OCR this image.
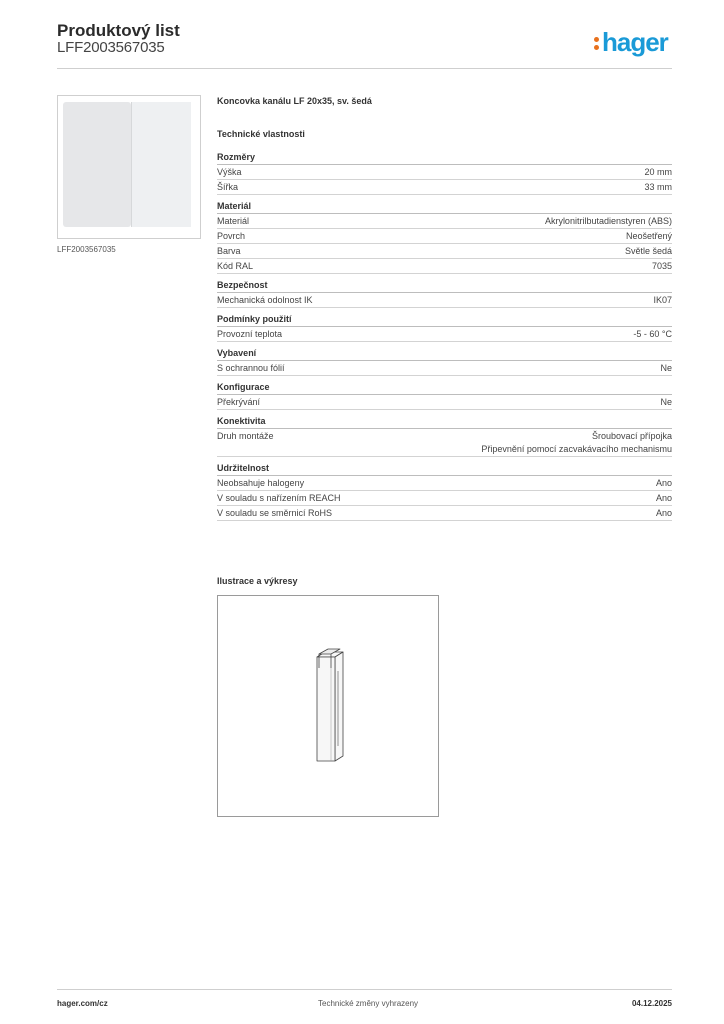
Produktový list
LFF2003567035	hager
LFF2003567035
Koncovka kanálu LF 20x35, sv. šedá
Technické vlastnosti
Rozměry
Výška	20 mm
Šířka	33 mm
Materiál
Materiál	Akrylonitrilbutadienstyren (ABS)
Povrch	Neošetřený
Barva	Světle šedá
Kód RAL	7035
Bezpečnost
Mechanická odolnost IK	IK07
Podmínky použití
Provozní teplota	-5 - 60 °C
Vybavení
S ochrannou fólií	Ne
Konfigurace
Překrývání	Ne
Konektivita
Druh montáže	Šroubovací přípojka
Připevnění pomocí zacvakávacího mechanismu
Udržitelnost
Neobsahuje halogeny	Ano
V souladu s nařízením REACH	Ano
V souladu se směrnicí RoHS	Ano
Ilustrace a výkresy
hager.com/cz	Technické změny vyhrazeny	04.12.2025
